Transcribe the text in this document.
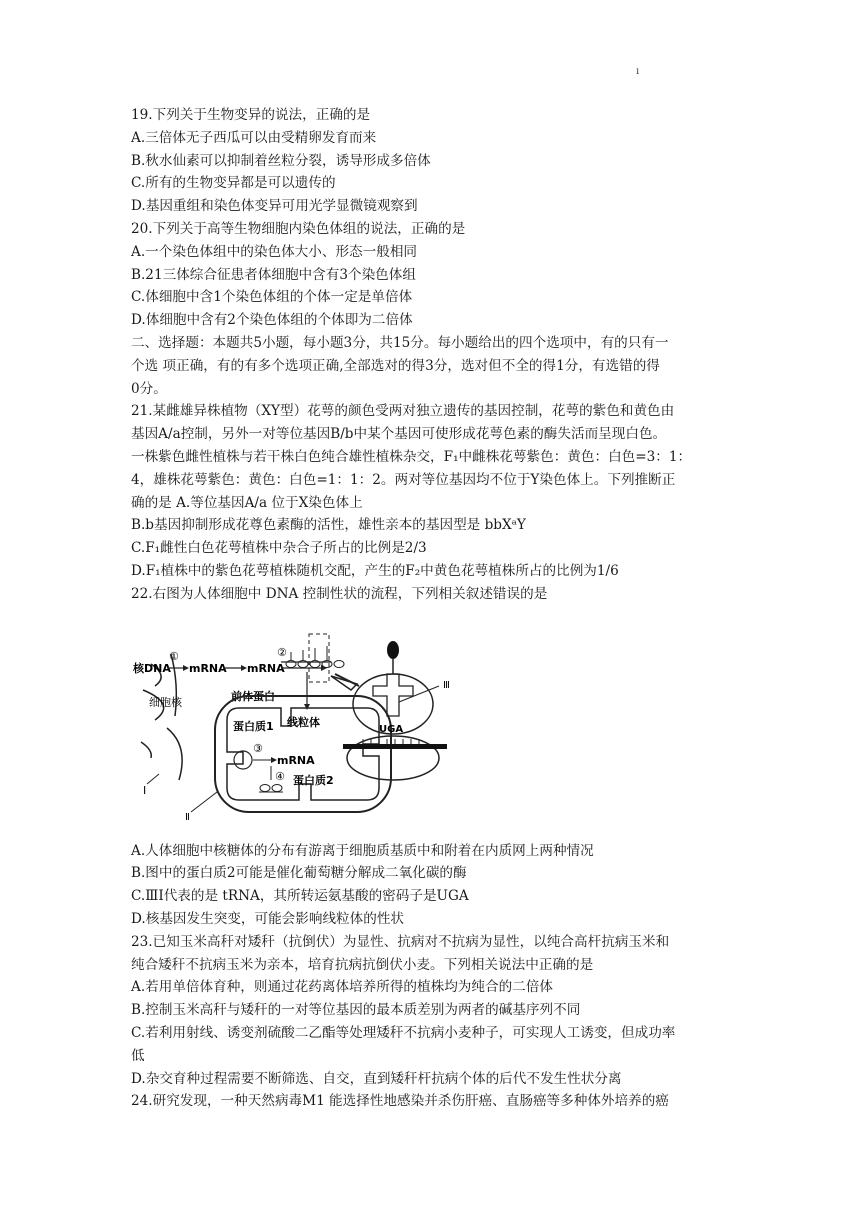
ı
19.下列关于生物变异的说法，正确的是
A.三倍体无子西瓜可以由受精卵发育而来
B.秋水仙素可以抑制着丝粒分裂，诱导形成多倍体
C.所有的生物变异都是可以遗传的
D.基因重组和染色体变异可用光学显微镜观察到
20.下列关于高等生物细胞内染色体组的说法，正确的是
A.一个染色体组中的染色体大小、形态一般相同
B.21三体综合征患者体细胞中含有3个染色体组
C.体细胞中含1个染色体组的个体一定是单倍体
D.体细胞中含有2个染色体组的个体即为二倍体
二、选择题：本题共5小题，每小题3分，共15分。每小题给出的四个选项中，有的只有一
个选 项正确，有的有多个选项正确,全部选对的得3分，选对但不全的得1分，有选错的得
0分。
21.某雌雄异株植物（XY型）花萼的颜色受两对独立遗传的基因控制，花萼的紫色和黄色由
基因A/a控制，另外一对等位基因B/b中某个基因可使形成花萼色素的酶失活而呈现白色。
一株紫色雌性植株与若干株白色纯合雄性植株杂交，F₁中雌株花萼紫色：黄色：白色=3：1：
4，雄株花萼紫色：黄色：白色=1：1：2。两对等位基因均不位于Y染色体上。下列推断正
确的是 A.等位基因A/a 位于X染色体上
B.b基因抑制形成花尊色素酶的活性，雄性亲本的基因型是 bbXᵃY
C.F₁雌性白色花萼植株中杂合子所占的比例是2/3
D.F₁植株中的紫色花萼植株随机交配，产生的F₂中黄色花萼植株所占的比例为1/6
22.右图为人体细胞中 DNA 控制性状的流程，下列相关叙述错误的是
I
核DNA
①
mRNA mRNA
②
细胞核	前体蛋白
蛋白质1 线粒体
③
mRNA
④ 蛋白质2
Ⅱ
UGA
Ⅲ
A.人体细胞中核糖体的分布有游离于细胞质基质中和附着在内质网上两种情况
B.图中的蛋白质2可能是催化葡萄糖分解成二氧化碳的酶
C.ⅢI代表的是 tRNA，其所转运氨基酸的密码子是UGA
D.核基因发生突变，可能会影响线粒体的性状
23.已知玉米高秆对矮秆（抗倒伏）为显性、抗病对不抗病为显性，以纯合高杆抗病玉米和
纯合矮秆不抗病玉米为亲本，培育抗病抗倒伏小麦。下列相关说法中正确的是
A.若用单倍体育种，则通过花药离体培养所得的植株均为纯合的二倍体
B.控制玉米高秆与矮秆的一对等位基因的最本质差别为两者的碱基序列不同
C.若利用射线、诱变剂硫酸二乙酯等处理矮秆不抗病小麦种子，可实现人工诱变，但成功率
低
D.杂交育种过程需要不断筛选、自交，直到矮秆杆抗病个体的后代不发生性状分离
24.研究发现，一种天然病毒M1 能选择性地感染并杀伤肝癌、直肠癌等多种体外培养的癌
